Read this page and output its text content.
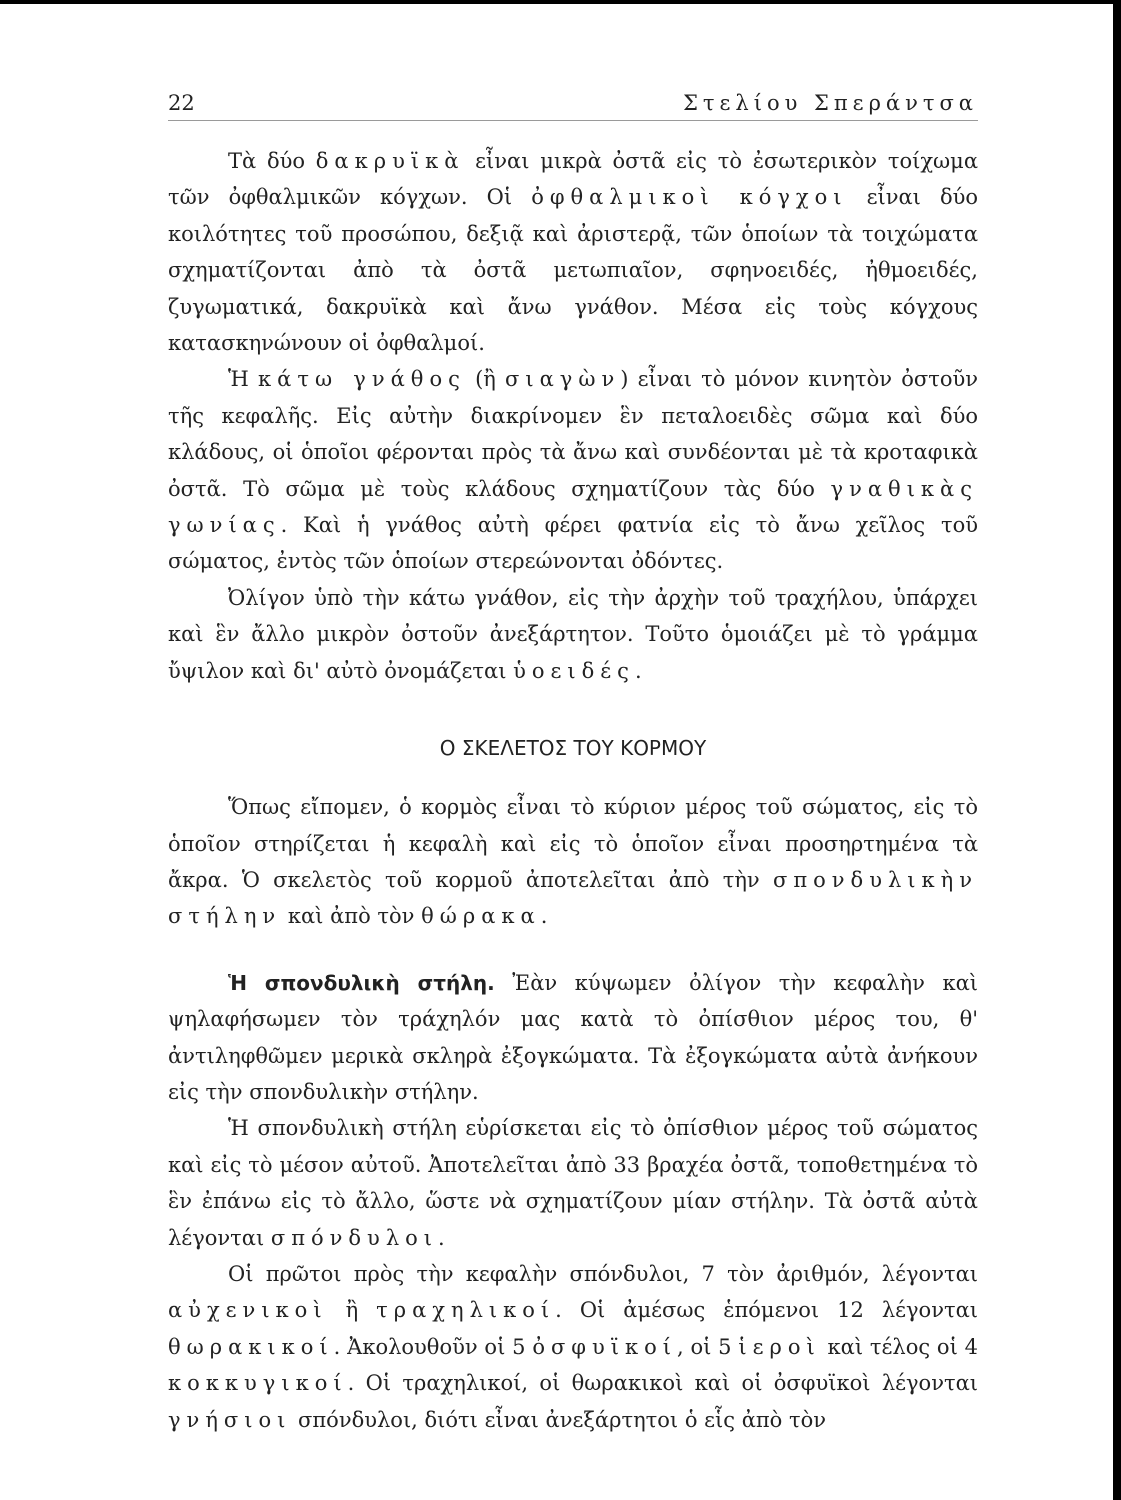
22	Στελίου Σπεράντσα

Τὰ δύο δακρυϊκὰ εἶναι μικρὰ ὀστᾶ εἰς τὸ ἐσωτερικὸν τοίχωμα τῶν ὀφθαλμικῶν κόγχων. Οἱ ὀφθαλμικοὶ κόγχοι εἶναι δύο κοιλότητες τοῦ προσώπου, δεξιᾷ καὶ ἀριστερᾷ, τῶν ὁποίων τὰ τοιχώματα σχηματίζονται ἀπὸ τὰ ὀστᾶ μετωπιαῖον, σφηνοειδές, ἠθμοειδές, ζυγωματικά, δακρυϊκὰ καὶ ἄνω γνάθον. Μέσα εἰς τοὺς κόγχους κατασκηνώνουν οἱ ὀφθαλμοί.

Ἡ κάτω γνάθος (ἢ σιαγὼν) εἶναι τὸ μόνον κινητὸν ὀστοῦν τῆς κεφαλῆς. Εἰς αὐτὴν διακρίνομεν ἓν πεταλοειδὲς σῶμα καὶ δύο κλάδους, οἱ ὁποῖοι φέρονται πρὸς τὰ ἄνω καὶ συνδέονται μὲ τὰ κροταφικὰ ὀστᾶ. Τὸ σῶμα μὲ τοὺς κλάδους σχηματίζουν τὰς δύο γναθικὰς γωνίας. Καὶ ἡ γνάθος αὐτὴ φέρει φατνία εἰς τὸ ἄνω χεῖλος τοῦ σώματος, ἐντὸς τῶν ὁποίων στερεώνονται ὀδόντες.

Ὀλίγον ὑπὸ τὴν κάτω γνάθον, εἰς τὴν ἀρχὴν τοῦ τραχήλου, ὑπάρχει καὶ ἓν ἄλλο μικρὸν ὀστοῦν ἀνεξάρτητον. Τοῦτο ὁμοιάζει μὲ τὸ γράμμα ὔψιλον καὶ δι' αὐτὸ ὀνομάζεται ὑοειδές.

Ο ΣΚΕΛΕΤΟΣ ΤΟΥ ΚΟΡΜΟΥ

Ὅπως εἴπομεν, ὁ κορμὸς εἶναι τὸ κύριον μέρος τοῦ σώματος, εἰς τὸ ὁποῖον στηρίζεται ἡ κεφαλὴ καὶ εἰς τὸ ὁποῖον εἶναι προσηρτημένα τὰ ἄκρα. Ὁ σκελετὸς τοῦ κορμοῦ ἀποτελεῖται ἀπὸ τὴν σπονδυλικὴν στήλην καὶ ἀπὸ τὸν θώρακα.

Ἡ σπονδυλικὴ στήλη. Ἐὰν κύψωμεν ὀλίγον τὴν κεφαλὴν καὶ ψηλαφήσωμεν τὸν τράχηλόν μας κατὰ τὸ ὀπίσθιον μέρος του, θ' ἀντιληφθῶμεν μερικὰ σκληρὰ ἐξογκώματα. Τὰ ἐξογκώματα αὐτὰ ἀνήκουν εἰς τὴν σπονδυλικὴν στήλην.

Ἡ σπονδυλικὴ στήλη εὑρίσκεται εἰς τὸ ὀπίσθιον μέρος τοῦ σώματος καὶ εἰς τὸ μέσον αὐτοῦ. Ἀποτελεῖται ἀπὸ 33 βραχέα ὀστᾶ, τοποθετημένα τὸ ἓν ἐπάνω εἰς τὸ ἄλλο, ὥστε νὰ σχηματίζουν μίαν στήλην. Τὰ ὀστᾶ αὐτὰ λέγονται σπόνδυλοι.

Οἱ πρῶτοι πρὸς τὴν κεφαλὴν σπόνδυλοι, 7 τὸν ἀριθμόν, λέγονται αὐχενικοὶ ἢ τραχηλικοί. Οἱ ἀμέσως ἑπόμενοι 12 λέγονται θωρακικοί. Ἀκολουθοῦν οἱ 5 ὀσφυϊκοί, οἱ 5 ἱεροὶ καὶ τέλος οἱ 4 κοκκυγικοί. Οἱ τραχηλικοί, οἱ θωρακικοὶ καὶ οἱ ὀσφυϊκοὶ λέγονται γνήσιοι σπόνδυλοι, διότι εἶναι ἀνεξάρτητοι ὁ εἷς ἀπὸ τὸν
